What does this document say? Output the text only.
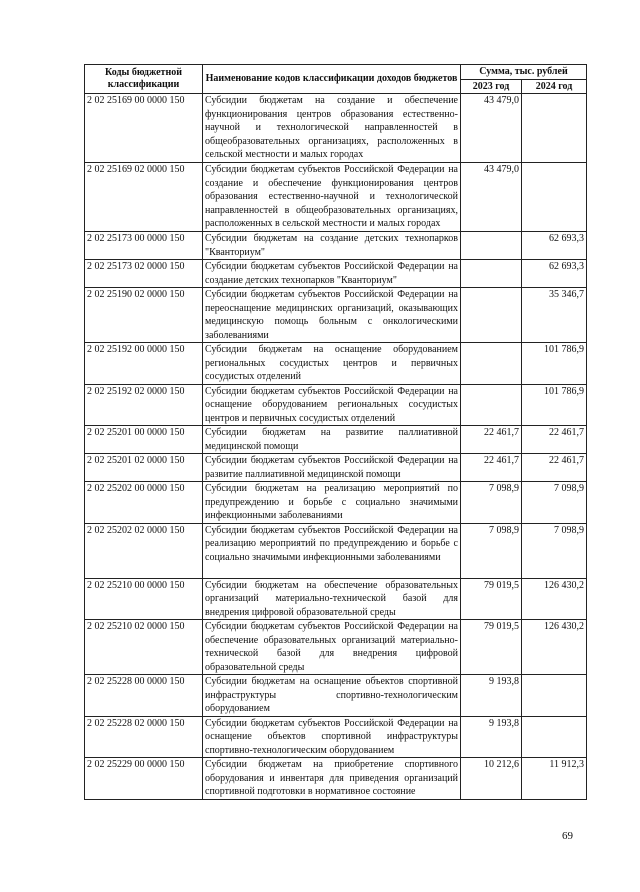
Коды бюджетной классификации	Наименование кодов классификации доходов бюджетов	Сумма, тыс. рублей	
		2023 год	2024 год
2 02 25169 00 0000 150	Субсидии бюджетам на создание и обеспечение функционирования центров образования естественно-научной и технологической направленностей в общеобразовательных организациях, расположенных в сельской местности и малых городах	43 479,0	
2 02 25169 02 0000 150	Субсидии бюджетам субъектов Российской Федерации на создание и обеспечение функционирования центров образования естественно-научной и технологической направленностей в общеобразовательных организациях, расположенных в сельской местности и малых городах	43 479,0	
2 02 25173 00 0000 150	Субсидии бюджетам на создание детских технопарков "Кванториум"		62 693,3
2 02 25173 02 0000 150	Субсидии бюджетам субъектов Российской Федерации на создание детских технопарков "Кванториум"		62 693,3
2 02 25190 02 0000 150	Субсидии бюджетам субъектов Российской Федерации на переоснащение медицинских организаций, оказывающих медицинскую помощь больным с онкологическими заболеваниями		35 346,7
2 02 25192 00 0000 150	Субсидии бюджетам на оснащение оборудованием региональных сосудистых центров и первичных сосудистых отделений		101 786,9
2 02 25192 02 0000 150	Субсидии бюджетам субъектов Российской Федерации на оснащение оборудованием региональных сосудистых центров и первичных сосудистых отделений		101 786,9
2 02 25201 00 0000 150	Субсидии бюджетам на развитие паллиативной медицинской помощи	22 461,7	22 461,7
2 02 25201 02 0000 150	Субсидии бюджетам субъектов Российской Федерации на развитие паллиативной медицинской помощи	22 461,7	22 461,7
2 02 25202 00 0000 150	Субсидии бюджетам на реализацию мероприятий по предупреждению и борьбе с социально значимыми инфекционными заболеваниями	7 098,9	7 098,9
2 02 25202 02 0000 150	Субсидии бюджетам субъектов Российской Федерации на реализацию мероприятий по предупреждению и борьбе с социально значимыми инфекционными заболеваниями	7 098,9	7 098,9
2 02 25210 00 0000 150	Субсидии бюджетам на обеспечение образовательных организаций материально-технической базой для внедрения цифровой образовательной среды	79 019,5	126 430,2
2 02 25210 02 0000 150	Субсидии бюджетам субъектов Российской Федерации на обеспечение образовательных организаций материально-технической базой для внедрения цифровой образовательной среды	79 019,5	126 430,2
2 02 25228 00 0000 150	Субсидии бюджетам на оснащение объектов спортивной инфраструктуры спортивно-технологическим оборудованием	9 193,8	
2 02 25228 02 0000 150	Субсидии бюджетам субъектов Российской Федерации на оснащение объектов спортивной инфраструктуры спортивно-технологическим оборудованием	9 193,8	
2 02 25229 00 0000 150	Субсидии бюджетам на приобретение спортивного оборудования и инвентаря для приведения организаций спортивной подготовки в нормативное состояние	10 212,6	11 912,3
69
